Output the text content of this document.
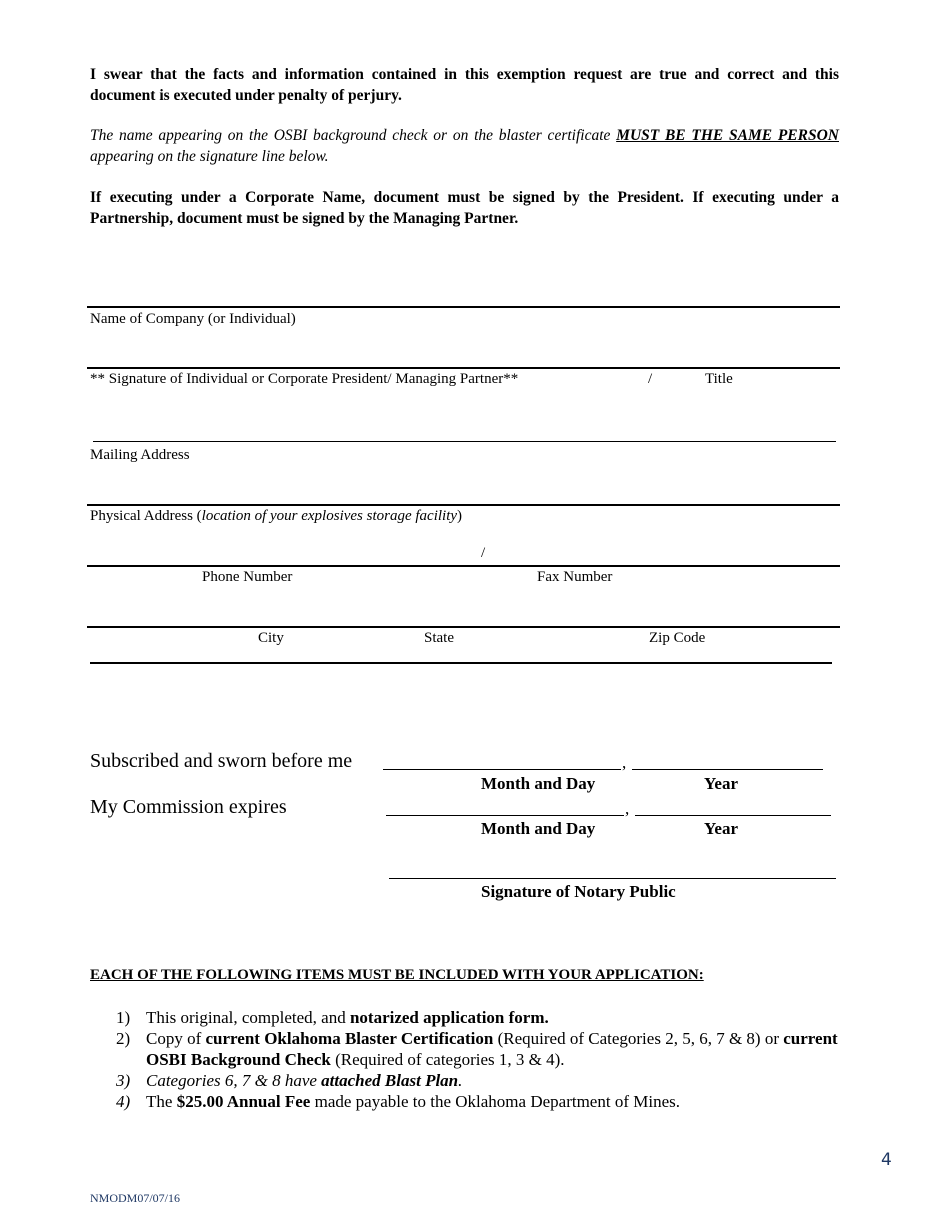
I swear that the facts and information contained in this exemption request are true and correct and this document is executed under penalty of perjury.
The name appearing on the OSBI background check or on the blaster certificate MUST BE THE SAME PERSON appearing on the signature line below.
If executing under a Corporate Name, document must be signed by the President. If executing under a Partnership, document must be signed by the Managing Partner.
Name of Company (or Individual)
** Signature of Individual or Corporate President/ Managing Partner**	/	Title
Mailing Address
Physical Address (location of your explosives storage facility)
/
Phone Number	Fax Number
City	State	Zip Code
Subscribed and sworn before me	,
Month and Day	Year
My Commission expires	,
Month and Day	Year
Signature of Notary Public
EACH OF THE FOLLOWING ITEMS MUST BE INCLUDED WITH YOUR APPLICATION:
1) This original, completed, and notarized application form.
2) Copy of current Oklahoma Blaster Certification (Required of Categories 2, 5, 6, 7 & 8) or current OSBI Background Check (Required of categories 1, 3 & 4).
3) Categories 6, 7 & 8 have attached Blast Plan.
4) The $25.00 Annual Fee made payable to the Oklahoma Department of Mines.
4
NMODM07/07/16
